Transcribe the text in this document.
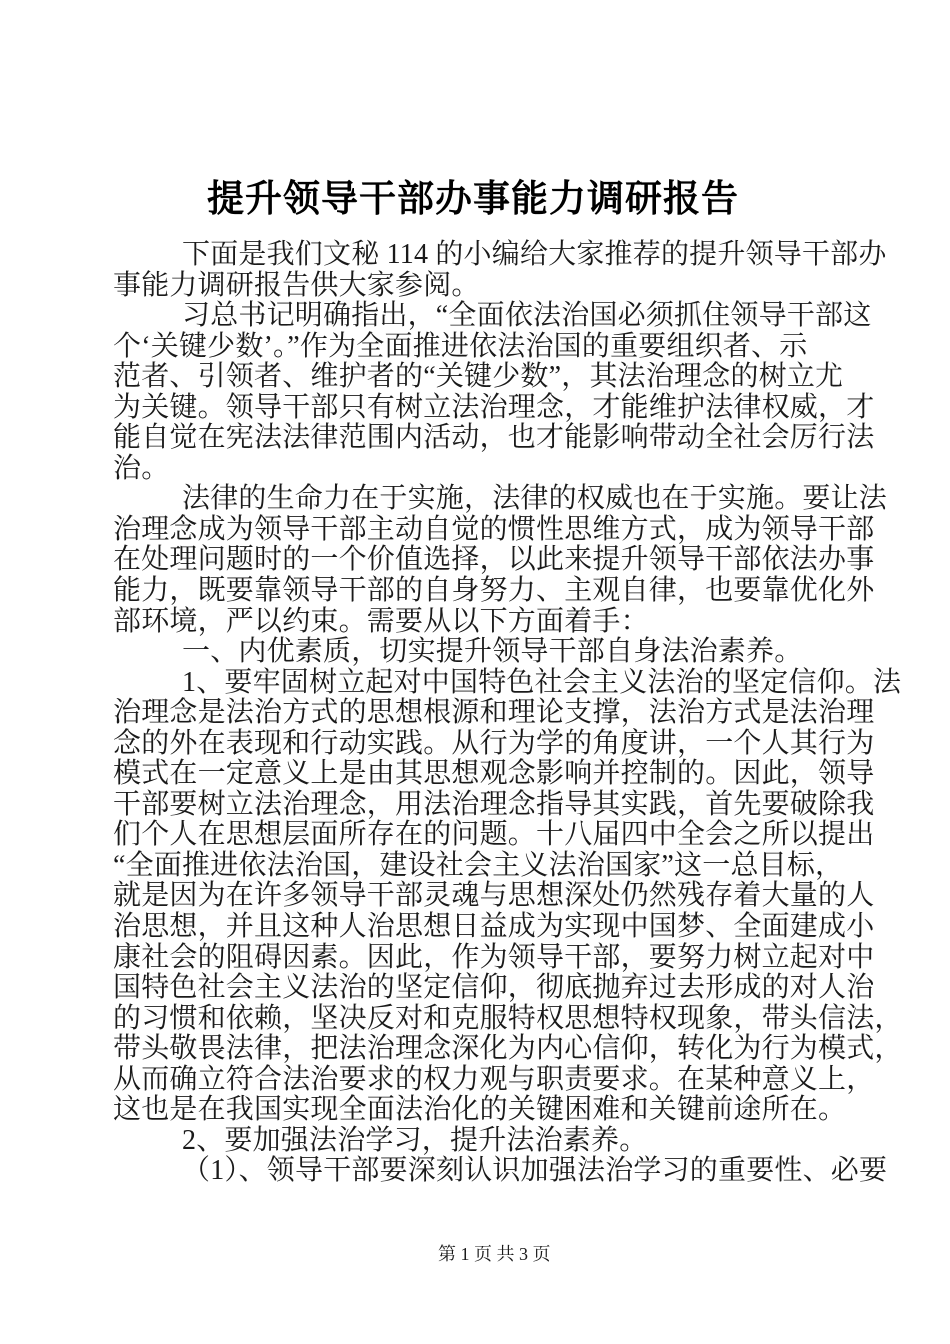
提升领导干部办事能力调研报告
下面是我们文秘 114 的小编给大家推荐的提升领导干部办
事能力调研报告供大家参阅。
习总书记明确指出，“全面依法治国必须抓住领导干部这
个‘关键少数’。”作为全面推进依法治国的重要组织者、示
范者、引领者、维护者的“关键少数”，其法治理念的树立尤
为关键。领导干部只有树立法治理念，才能维护法律权威，才
能自觉在宪法法律范围内活动，也才能影响带动全社会厉行法
治。
法律的生命力在于实施，法律的权威也在于实施。要让法
治理念成为领导干部主动自觉的惯性思维方式，成为领导干部
在处理问题时的一个价值选择，以此来提升领导干部依法办事
能力，既要靠领导干部的自身努力、主观自律，也要靠优化外
部环境，严以约束。需要从以下方面着手：
一、内优素质，切实提升领导干部自身法治素养。
1、要牢固树立起对中国特色社会主义法治的坚定信仰。法
治理念是法治方式的思想根源和理论支撑，法治方式是法治理
念的外在表现和行动实践。从行为学的角度讲，一个人其行为
模式在一定意义上是由其思想观念影响并控制的。因此，领导
干部要树立法治理念，用法治理念指导其实践，首先要破除我
们个人在思想层面所存在的问题。十八届四中全会之所以提出
“全面推进依法治国，建设社会主义法治国家”这一总目标，
就是因为在许多领导干部灵魂与思想深处仍然残存着大量的人
治思想，并且这种人治思想日益成为实现中国梦、全面建成小
康社会的阻碍因素。因此，作为领导干部，要努力树立起对中
国特色社会主义法治的坚定信仰，彻底抛弃过去形成的对人治
的习惯和依赖，坚决反对和克服特权思想特权现象，带头信法，
带头敬畏法律，把法治理念深化为内心信仰，转化为行为模式，
从而确立符合法治要求的权力观与职责要求。在某种意义上，
这也是在我国实现全面法治化的关键困难和关键前途所在。
2、要加强法治学习，提升法治素养。
（1）、领导干部要深刻认识加强法治学习的重要性、必要
第 1 页 共 3 页
